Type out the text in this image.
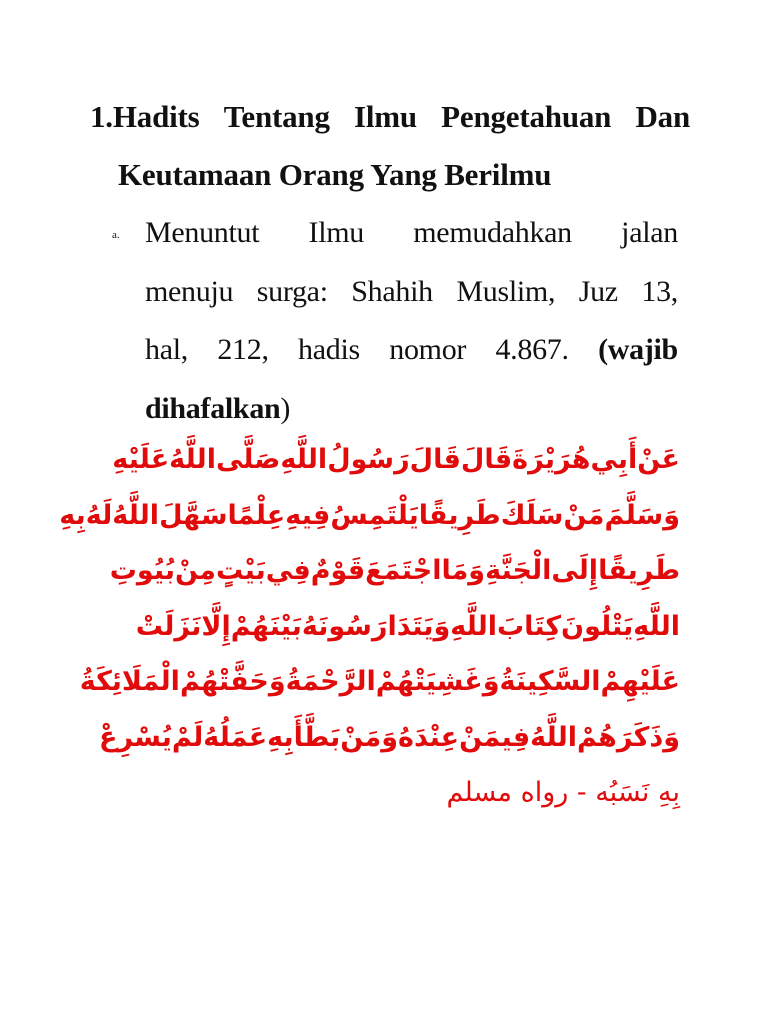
1.Hadits Tentang Ilmu Pengetahuan Dan
Keutamaan Orang Yang Berilmu
a. Menuntut Ilmu memudahkan jalan
menuju surga: Shahih Muslim, Juz 13,
hal, 212, hadis nomor 4.867. (wajib
dihafalkan)
عَنْ
أَبِي
هُرَيْرَةَ
قَالَ
قَالَ
رَسُولُ
اللَّهِ
صَلَّى
اللَّهُ
عَلَيْهِ
وَسَلَّمَ
مَنْ
سَلَكَ
طَرِيقًا
يَلْتَمِسُ
فِيهِ
عِلْمًا
سَهَّلَ
اللَّهُ
لَهُ
بِهِ
طَرِيقًا
إِلَى
الْجَنَّةِ
وَمَا
اجْتَمَعَ
قَوْمٌ
فِي
بَيْتٍ
مِنْ
بُيُوتِ
اللَّهِ
يَتْلُونَ
كِتَابَ
اللَّهِ
وَيَتَدَارَسُونَهُ
بَيْنَهُمْ
إِلَّا
نَزَلَتْ
عَلَيْهِمْ
السَّكِينَةُ
وَغَشِيَتْهُمْ
الرَّحْمَةُ
وَحَفَّتْهُمْ
الْمَلَائِكَةُ
وَذَكَرَهُمْ
اللَّهُ
فِيمَنْ
عِنْدَهُ
وَمَنْ
بَطَّأَ
بِهِ
عَمَلُهُ
لَمْ
يُسْرِعْ
بِهِ نَسَبُه - رواه مسلم
